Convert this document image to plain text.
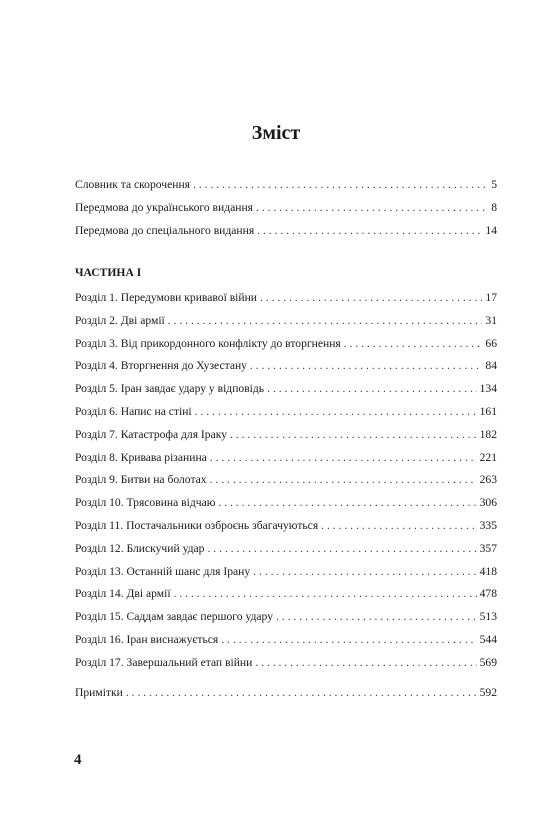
Зміст
Словник та скорочення . . .	5
Передмова до українського видання . . .	8
Передмова до спеціального видання . . .	14
ЧАСТИНА І
Розділ 1. Передумови кривавої війни . . .	17
Розділ 2. Дві армії . . .	31
Розділ 3. Від прикордонного конфлікту до вторгнення . . .	66
Розділ 4. Вторгнення до Хузестану . . .	84
Розділ 5. Іран завдає удару у відповідь . . .	134
Розділ 6. Напис на стіні . . .	161
Розділ 7. Катастрофа для Іраку . . .	182
Розділ 8. Кривава різанина . . .	221
Розділ 9. Битви на болотах . . .	263
Розділ 10. Трясовина відчаю . . .	306
Розділ 11. Постачальники озброєнь збагачуються . . .	335
Розділ 12. Блискучий удар . . .	357
Розділ 13. Останній шанс для Ірану . . .	418
Розділ 14. Дві армії . . .	478
Розділ 15. Саддам завдає першого удару . . .	513
Розділ 16. Іран виснажується . . .	544
Розділ 17. Завершальний етап війни . . .	569
Примітки . . .	592
4
